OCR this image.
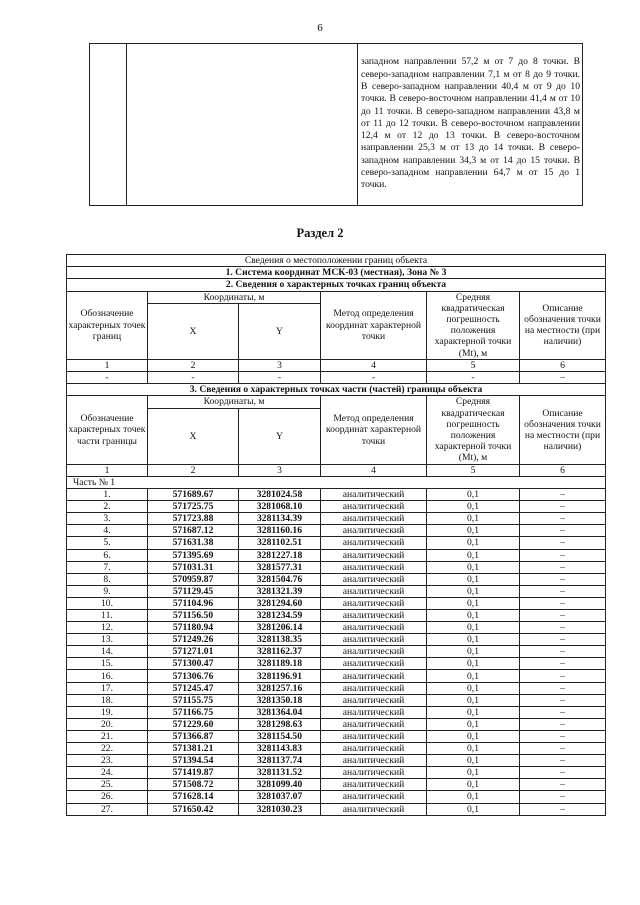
6
		западном направлении 57,2 м от 7 до 8 точки. В северо-западном направлении 7,1 м от 8 до 9 точки. В северо-западном направлении 40,4 м от 9 до 10 точки. В северо-восточном направлении 41,4 м от 10 до 11 точки. В северо-западном направлении 43,8 м от 11 до 12 точки. В северо-восточном направлении 12,4 м от 12 до 13 точки. В северо-восточном направлении 25,3 м от 13 до 14 точки. В северо-западном направлении 34,3 м от 14 до 15 точки. В северо-западном направлении 64,7 м от 15 до 1 точки.
Раздел 2
Сведения о местоположении границ объекта					
1. Система координат МСК-03 (местная), Зона № 3					
2. Сведения о характерных точках границ объекта					
Обозначение характерных точек границ	Координаты, м		Метод определения координат характерной точки	Средняя квадратическая погрешность положения характерной точки (Mt), м	Описание обозначения точки на местности (при наличии)
	X	Y			
1	2	3	4	5	6
-	-	-	-	-	–
3. Сведения о характерных точках части (частей) границы объекта					
Обозначение характерных точек части границы	Координаты, м		Метод определения координат характерной точки	Средняя квадратическая погрешность положения характерной точки (Mt), м	Описание обозначения точки на местности (при наличии)
	X	Y			
1	2	3	4	5	6
Часть № 1					
1.	571689.67	3281024.58	аналитический	0,1	–
2.	571725.75	3281068.10	аналитический	0,1	–
3.	571723.88	3281134.39	аналитический	0,1	–
4.	571687.12	3281160.16	аналитический	0,1	–
5.	571631.38	3281102.51	аналитический	0,1	–
6.	571395.69	3281227.18	аналитический	0,1	–
7.	571031.31	3281577.31	аналитический	0,1	–
8.	570959.87	3281504.76	аналитический	0,1	–
9.	571129.45	3281321.39	аналитический	0,1	–
10.	571104.96	3281294.60	аналитический	0,1	–
11.	571156.50	3281234.59	аналитический	0,1	–
12.	571180.94	3281206.14	аналитический	0,1	–
13.	571249.26	3281138.35	аналитический	0,1	–
14.	571271.01	3281162.37	аналитический	0,1	–
15.	571300.47	3281189.18	аналитический	0,1	–
16.	571306.76	3281196.91	аналитический	0,1	–
17.	571245.47	3281257.16	аналитический	0,1	–
18.	571155.75	3281350.18	аналитический	0,1	–
19.	571166.75	3281364.04	аналитический	0,1	–
20.	571229.60	3281298.63	аналитический	0,1	–
21.	571366.87	3281154.50	аналитический	0,1	–
22.	571381.21	3281143.83	аналитический	0,1	–
23.	571394.54	3281137.74	аналитический	0,1	–
24.	571419.87	3281131.52	аналитический	0,1	–
25.	571508.72	3281099.40	аналитический	0,1	–
26.	571628.14	3281037.07	аналитический	0,1	–
27.	571650.42	3281030.23	аналитический	0,1	–
